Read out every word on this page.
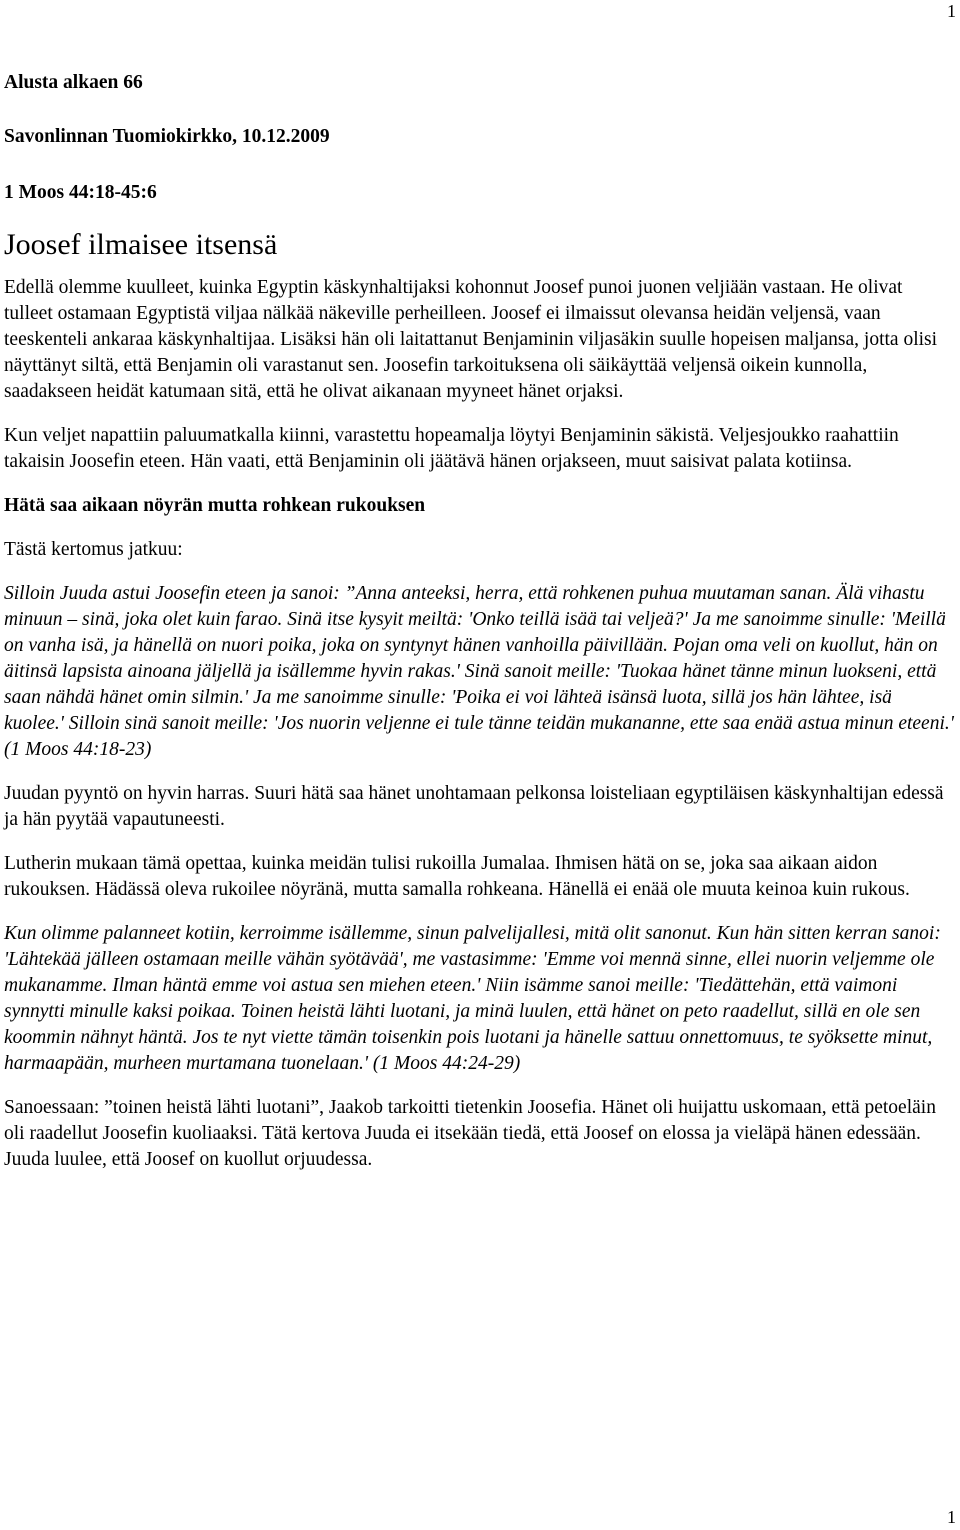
1
Alusta alkaen 66
Savonlinnan Tuomiokirkko, 10.12.2009
1 Moos 44:18-45:6
Joosef ilmaisee itsensä

Edellä olemme kuulleet, kuinka Egyptin käskynhaltijaksi kohonnut Joosef punoi juonen veljiään vastaan. He olivat tulleet ostamaan Egyptistä viljaa nälkää näkeville perheilleen. Joosef ei ilmaissut olevansa heidän veljensä, vaan teeskenteli ankaraa käskynhaltijaa. Lisäksi hän oli laitattanut Benjaminin viljasäkin suulle hopeisen maljansa, jotta olisi näyttänyt siltä, että Benjamin oli varastanut sen. Joosefin tarkoituksena oli säikäyttää veljensä oikein kunnolla, saadakseen heidät katumaan sitä, että he olivat aikanaan myyneet hänet orjaksi.

Kun veljet napattiin paluumatkalla kiinni, varastettu hopeamalja löytyi Benjaminin säkistä. Veljesjoukko raahattiin takaisin Joosefin eteen. Hän vaati, että Benjaminin oli jäätävä hänen orjakseen, muut saisivat palata kotiinsa.

Hätä saa aikaan nöyrän mutta rohkean rukouksen

Tästä kertomus jatkuu:

Silloin Juuda astui Joosefin eteen ja sanoi: ”Anna anteeksi, herra, että rohkenen puhua muutaman sanan. Älä vihastu minuun – sinä, joka olet kuin farao. Sinä itse kysyit meiltä: 'Onko teillä isää tai veljeä?' Ja me sanoimme sinulle: 'Meillä on vanha isä, ja hänellä on nuori poika, joka on syntynyt hänen vanhoilla päivillään. Pojan oma veli on kuollut, hän on äitinsä lapsista ainoana jäljellä ja isällemme hyvin rakas.' Sinä sanoit meille: 'Tuokaa hänet tänne minun luokseni, että saan nähdä hänet omin silmin.' Ja me sanoimme sinulle: 'Poika ei voi lähteä isänsä luota, sillä jos hän lähtee, isä kuolee.' Silloin sinä sanoit meille: 'Jos nuorin veljenne ei tule tänne teidän mukananne, ette saa enää astua minun eteeni.' (1 Moos 44:18-23)

Juudan pyyntö on hyvin harras. Suuri hätä saa hänet unohtamaan pelkonsa loisteliaan egyptiläisen käskynhaltijan edessä ja hän pyytää vapautuneesti.

Lutherin mukaan tämä opettaa, kuinka meidän tulisi rukoilla Jumalaa. Ihmisen hätä on se, joka saa aikaan aidon rukouksen. Hädässä oleva rukoilee nöyränä, mutta samalla rohkeana. Hänellä ei enää ole muuta keinoa kuin rukous.

Kun olimme palanneet kotiin, kerroimme isällemme, sinun palvelijallesi, mitä olit sanonut. Kun hän sitten kerran sanoi: 'Lähtekää jälleen ostamaan meille vähän syötävää', me vastasimme: 'Emme voi mennä sinne, ellei nuorin veljemme ole mukanamme. Ilman häntä emme voi astua sen miehen eteen.' Niin isämme sanoi meille: 'Tiedättehän, että vaimoni synnytti minulle kaksi poikaa. Toinen heistä lähti luotani, ja minä luulen, että hänet on peto raadellut, sillä en ole sen koommin nähnyt häntä. Jos te nyt viette tämän toisenkin pois luotani ja hänelle sattuu onnettomuus, te syöksette minut, harmaapään, murheen murtamana tuonelaan.' (1 Moos 44:24-29)

Sanoessaan: ”toinen heistä lähti luotani”, Jaakob tarkoitti tietenkin Joosefia. Hänet oli huijattu uskomaan, että petoeläin oli raadellut Joosefin kuoliaaksi. Tätä kertova Juuda ei itsekään tiedä, että Joosef on elossa ja vieläpä hänen edessään. Juuda luulee, että Joosef on kuollut orjuudessa.

1
